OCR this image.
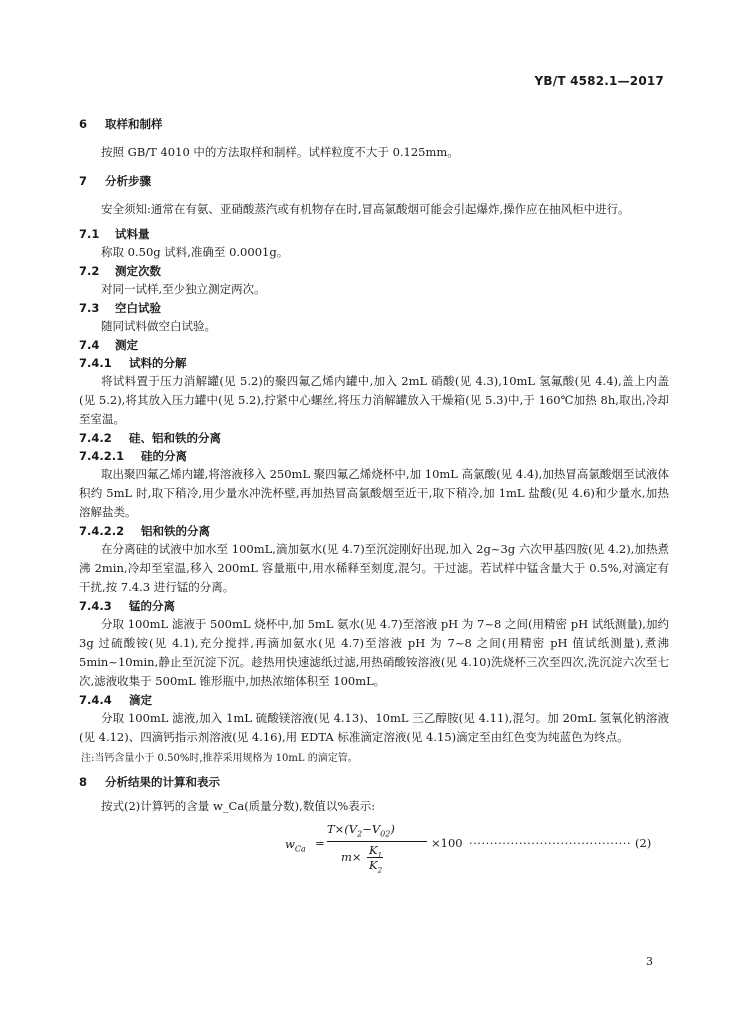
YB/T 4582.1—2017

6 取样和制样

按照 GB/T 4010 中的方法取样和制样。试样粒度不大于 0.125mm。

7 分析步骤

安全须知:通常在有氨、亚硝酸蒸汽或有机物存在时,冒高氯酸烟可能会引起爆炸,操作应在抽风柜中进行。

7.1 试料量

称取 0.50g 试料,准确至 0.0001g。

7.2 测定次数

对同一试样,至少独立测定两次。

7.3 空白试验

随同试料做空白试验。

7.4 测定

7.4.1 试料的分解

将试料置于压力消解罐(见 5.2)的聚四氟乙烯内罐中,加入 2mL 硝酸(见 4.3),10mL 氢氟酸(见 4.4),盖上内盖(见 5.2),将其放入压力罐中(见 5.2),拧紧中心螺丝,将压力消解罐放入干燥箱(见 5.3)中,于 160℃加热 8h,取出,冷却至室温。

7.4.2 硅、铝和铁的分离

7.4.2.1 硅的分离

取出聚四氟乙烯内罐,将溶液移入 250mL 聚四氟乙烯烧杯中,加 10mL 高氯酸(见 4.4),加热冒高氯酸烟至试液体积约 5mL 时,取下稍冷,用少量水冲洗杯壁,再加热冒高氯酸烟至近干,取下稍冷,加 1mL 盐酸(见 4.6)和少量水,加热溶解盐类。

7.4.2.2 铝和铁的分离

在分离硅的试液中加水至 100mL,滴加氨水(见 4.7)至沉淀刚好出现,加入 2g~3g 六次甲基四胺(见 4.2),加热煮沸 2min,冷却至室温,移入 200mL 容量瓶中,用水稀释至刻度,混匀。干过滤。若试样中锰含量大于 0.5%,对滴定有干扰,按 7.4.3 进行锰的分离。

7.4.3 锰的分离

分取 100mL 滤液于 500mL 烧杯中,加 5mL 氨水(见 4.7)至溶液 pH 为 7~8 之间(用精密 pH 试纸测量),加约 3g 过硫酸铵(见 4.1),充分搅拌,再滴加氨水(见 4.7)至溶液 pH 为 7~8 之间(用精密 pH 值试纸测量),煮沸 5min~10min,静止至沉淀下沉。趁热用快速滤纸过滤,用热硝酸铵溶液(见 4.10)洗烧杯三次至四次,洗沉淀六次至七次,滤液收集于 500mL 锥形瓶中,加热浓缩体积至 100mL。

7.4.4 滴定

分取 100mL 滤液,加入 1mL 硫酸镁溶液(见 4.13)、10mL 三乙醇胺(见 4.11),混匀。加 20mL 氢氧化钠溶液(见 4.12)、四滴钙指示剂溶液(见 4.16),用 EDTA 标准滴定溶液(见 4.15)滴定至由红色变为纯蓝色为终点。

注:当钙含量小于 0.50%时,推荐采用规格为 10mL 的滴定管。

8 分析结果的计算和表示

按式(2)计算钙的含量 w_Ca(质量分数),数值以%表示:

$w_{Ca}$ =
$T\times(V_2-V_{02})$
×100
$m\times K_1$
$K_2$
······································· (2)
3
